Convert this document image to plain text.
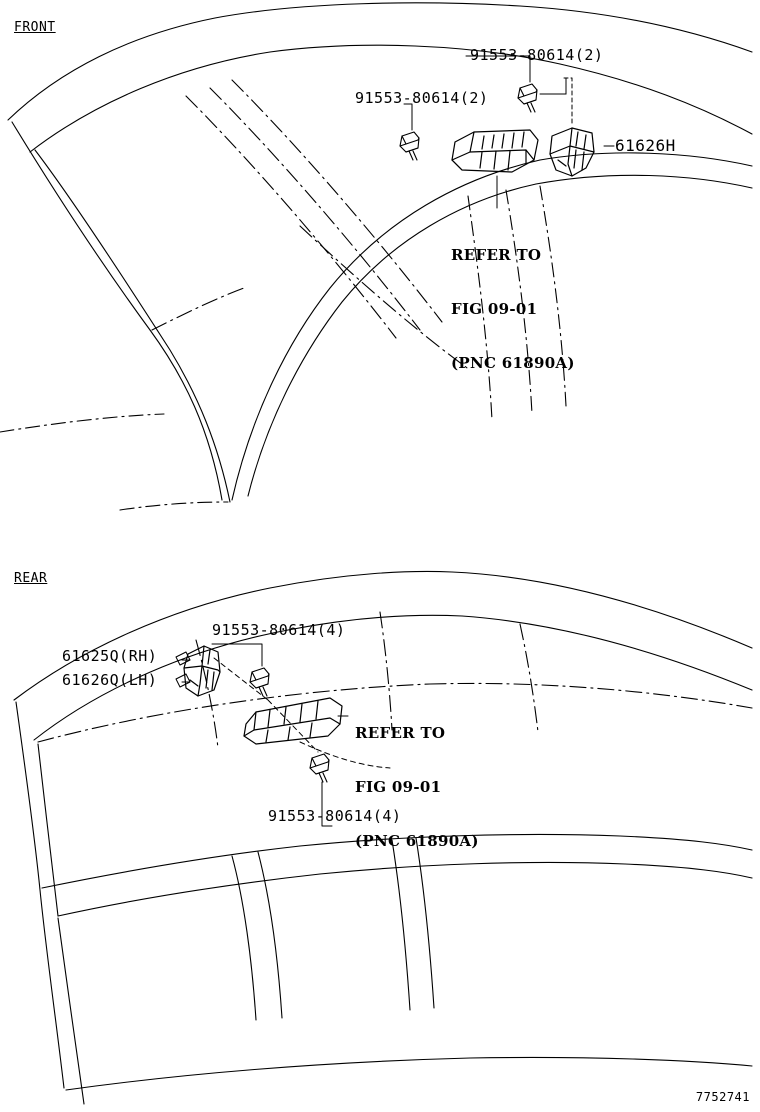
FRONT
REAR
91553-80614(2)
91553-80614(2)
61626H

REFER TO

FIG 09-01

(PNC 61890A)

91553-80614(4)
91553-80614(4)
61625Q(RH)
61626Q(LH)

REFER TO

FIG 09-01

(PNC 61890A)

7752741
